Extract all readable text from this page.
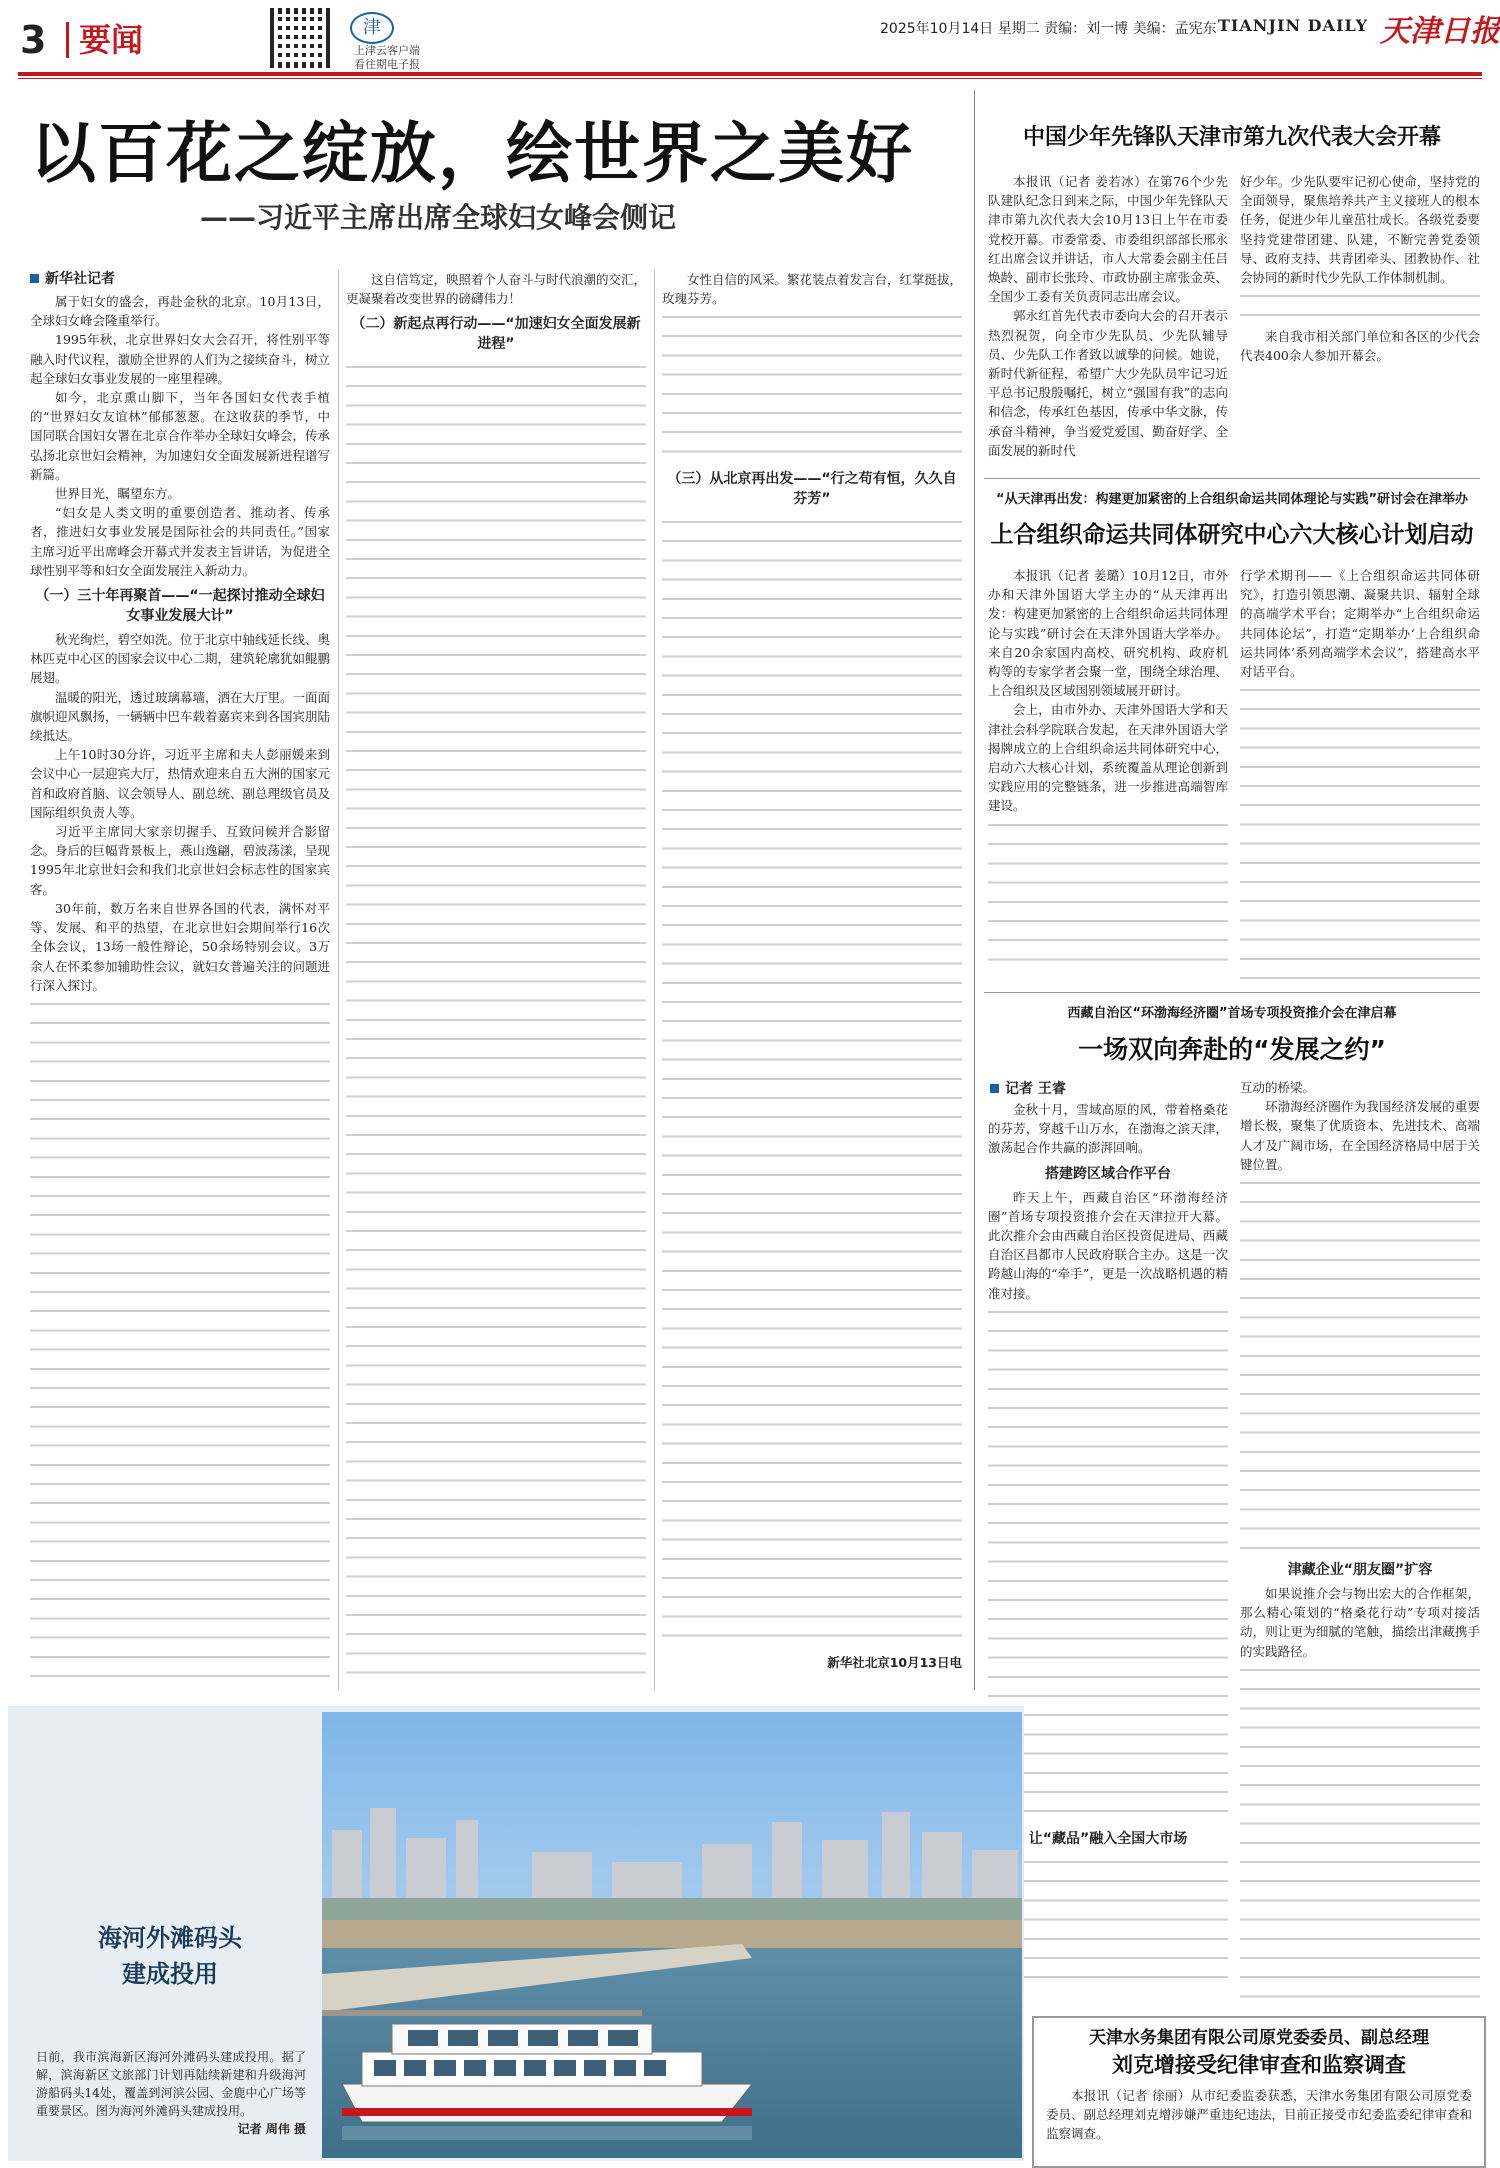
3	要闻	津
上津云客户端
看往期电子报
2025年10月14日 星期二 责编：刘一博 美编：孟宪东 TIANJIN DAILY 天津日报
以百花之绽放，绘世界之美好
——习近平主席出席全球妇女峰会侧记
新华社记者

属于妇女的盛会，再赴金秋的北京。10月13日，全球妇女峰会隆重举行。

1995年秋，北京世界妇女大会召开，将性别平等融入时代议程，激励全世界的人们为之接续奋斗，树立起全球妇女事业发展的一座里程碑。

如今，北京熏山脚下，当年各国妇女代表手植的“世界妇女友谊林”郁郁葱葱。在这收获的季节，中国同联合国妇女署在北京合作举办全球妇女峰会，传承弘扬北京世妇会精神，为加速妇女全面发展新进程谱写新篇。

世界目光，瞩望东方。

“妇女是人类文明的重要创造者、推动者、传承者，推进妇女事业发展是国际社会的共同责任。”国家主席习近平出席峰会开幕式并发表主旨讲话，为促进全球性别平等和妇女全面发展注入新动力。

（一）三十年再聚首——“一起探讨推动全球妇女事业发展大计”

秋光绚烂，碧空如洗。位于北京中轴线延长线、奥林匹克中心区的国家会议中心二期，建筑轮廓犹如鲲鹏展翅。

温暖的阳光，透过玻璃幕墙，洒在大厅里。一面面旗帜迎风飘扬，一辆辆中巴车载着嘉宾来到各国宾朋陆续抵达。

上午10时30分许，习近平主席和夫人彭丽媛来到会议中心一层迎宾大厅，热情欢迎来自五大洲的国家元首和政府首脑、议会领导人、副总统、副总理级官员及国际组织负责人等。

习近平主席同大家亲切握手、互致问候并合影留念。身后的巨幅背景板上，燕山逸翩，碧波荡漾，呈现1995年北京世妇会和我们北京世妇会标志性的国家宾客。

30年前，数万名来自世界各国的代表，满怀对平等、发展、和平的热望，在北京世妇会期间举行16次全体会议，13场一般性辩论，50余场特别会议。3万余人在怀柔参加辅助性会议，就妇女普遍关注的问题进行深入探讨。

这自信笃定，映照着个人奋斗与时代浪潮的交汇，更凝聚着改变世界的磅礴伟力！

（二）新起点再行动——“加速妇女全面发展新进程”

女性自信的风采。繁花装点着发言台，红掌挺拔，玫瑰芬芳。

（三）从北京再出发——“行之苟有恒，久久自芬芳”
新华社北京10月13日电
中国少年先锋队天津市第九次代表大会开幕

本报讯（记者 姜若冰）在第76个少先队建队纪念日到来之际，中国少年先锋队天津市第九次代表大会10月13日上午在市委党校开幕。市委常委、市委组织部部长邢永红出席会议并讲话，市人大常委会副主任吕焕龄、副市长张玲、市政协副主席张金英、全国少工委有关负责同志出席会议。

郭永红首先代表市委向大会的召开表示热烈祝贺，向全市少先队员、少先队辅导员、少先队工作者致以诚挚的问候。她说，新时代新征程，希望广大少先队员牢记习近平总书记殷殷嘱托，树立“强国有我”的志向和信念，传承红色基因，传承中华文脉，传承奋斗精神，争当爱党爱国、勤奋好学、全面发展的新时代

好少年。少先队要牢记初心使命，坚持党的全面领导，聚焦培养共产主义接班人的根本任务，促进少年儿童茁壮成长。各级党委要坚持党建带团建、队建，不断完善党委领导、政府支持、共青团牵头、团教协作、社会协同的新时代少先队工作体制机制。

来自我市相关部门单位和各区的少代会代表400余人参加开幕会。

“从天津再出发：构建更加紧密的上合组织命运共同体理论与实践”研讨会在津举办
上合组织命运共同体研究中心六大核心计划启动

本报讯（记者 姜璐）10月12日，市外办和天津外国语大学主办的“从天津再出发：构建更加紧密的上合组织命运共同体理论与实践”研讨会在天津外国语大学举办。来自20余家国内高校、研究机构、政府机构等的专家学者会聚一堂，围绕全球治理、上合组织及区域国别领域展开研讨。

会上，由市外办、天津外国语大学和天津社会科学院联合发起，在天津外国语大学揭牌成立的上合组织命运共同体研究中心，启动六大核心计划，系统覆盖从理论创新到实践应用的完整链条，进一步推进高端智库建设。

行学术期刊——《上合组织命运共同体研究》，打造引领思潮、凝聚共识、辐射全球的高端学术平台；定期举办“上合组织命运共同体论坛”，打造“定期举办‘上合组织命运共同体’系列高端学术会议”，搭建高水平对话平台。

西藏自治区“环渤海经济圈”首场专项投资推介会在津启幕
一场双向奔赴的“发展之约”
记者 王睿

金秋十月，雪域高原的风，带着格桑花的芬芳，穿越千山万水，在渤海之滨天津，激荡起合作共赢的澎湃回响。

搭建跨区域合作平台

昨天上午，西藏自治区“环渤海经济圈”首场专项投资推介会在天津拉开大幕。此次推介会由西藏自治区投资促进局、西藏自治区昌都市人民政府联合主办。这是一次跨越山海的“牵手”，更是一次战略机遇的精准对接。

让“藏品”融入全国大市场

互动的桥梁。

环渤海经济圈作为我国经济发展的重要增长极，聚集了优质资本、先进技术、高端人才及广阔市场，在全国经济格局中居于关键位置。

津藏企业“朋友圈”扩容

如果说推介会与物出宏大的合作框架，那么精心策划的“格桑花行动”专项对接活动，则让更为细腻的笔触，描绘出津藏携手的实践路径。

天津水务集团有限公司原党委委员、副总经理
刘克增接受纪律审查和监察调查

本报讯（记者 徐丽）从市纪委监委获悉，天津水务集团有限公司原党委委员、副总经理刘克增涉嫌严重违纪违法，目前正接受市纪委监委纪律审查和监察调查。

海河外滩码头
建成投用
日前，我市滨海新区海河外滩码头建成投用。据了解，滨海新区文旅部门计划再陆续新建和升级海河游船码头14处，覆盖到河滨公园、金鹿中心广场等重要景区。图为海河外滩码头建成投用。
记者 周伟 摄
